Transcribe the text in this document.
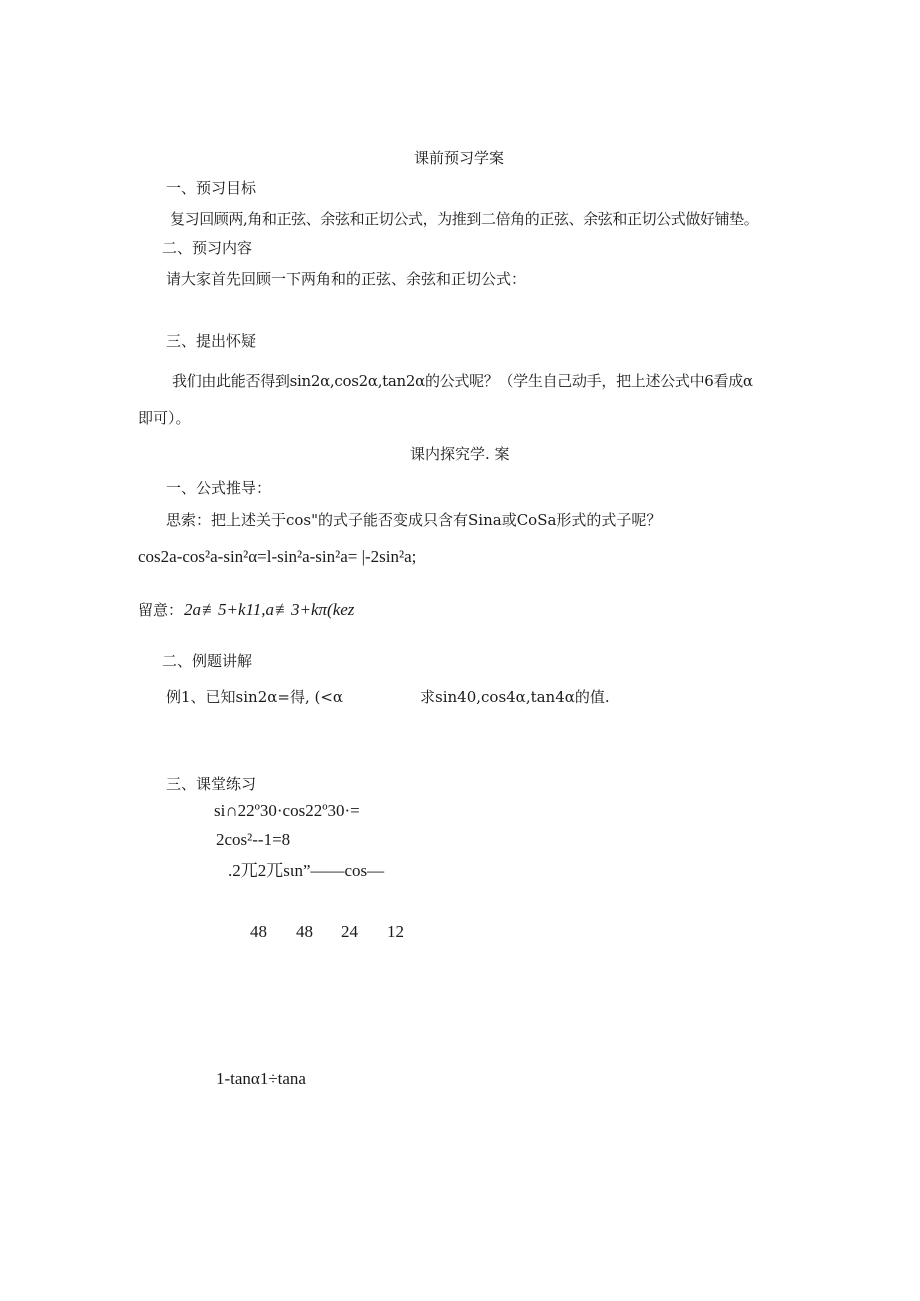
课前预习学案
一、预习目标
复习回顾两,角和正弦、余弦和正切公式，为推到二倍角的正弦、余弦和正切公式做好铺垫。
二、预习内容
请大家首先回顾一下两角和的正弦、余弦和正切公式：
三、提出怀疑
我们由此能否得到sin2α,cos2α,tan2α的公式呢？（学生自己动手，把上述公式中6看成α
即可）。
课内探究学. 案
一、公式推导：
思索：把上述关于cos"的式子能否变成只含有Sina或CoSa形式的式子呢？
cos2a-cos²a-sin²α=l-sin²a-sin²a= |-2sin²a;
留意： 2a≢5+k11,a≢3+kπ(kez
二、例题讲解
例1、已知sin2α=得, (<α	求sin40,cos4α,tan4α的值.
三、课堂练习
si∩22º30·cos22º30·=
2cos²--1=8
.2兀2兀sιn”——cos—
48 48 24 12
1-tanα1÷tana
